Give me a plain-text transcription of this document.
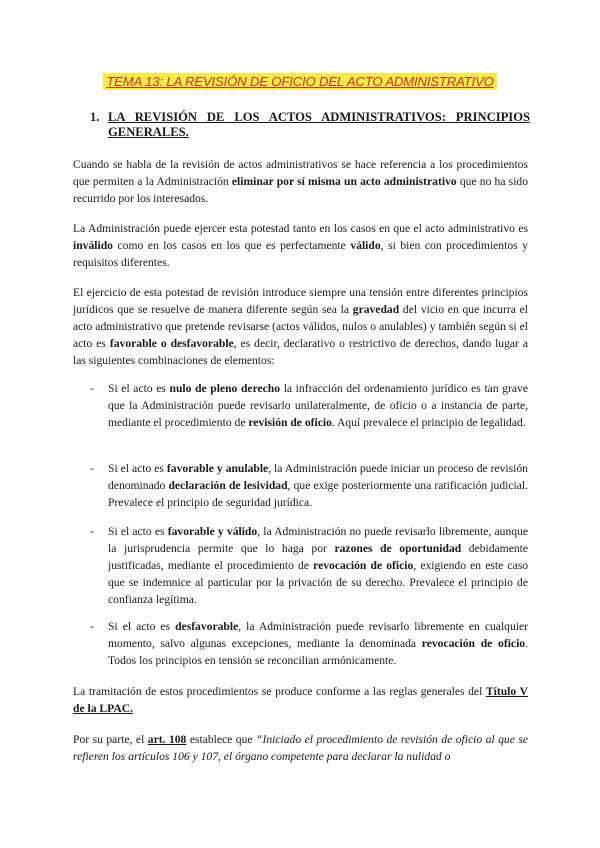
TEMA 13: LA REVISIÓN DE OFICIO DEL ACTO ADMINISTRATIVO
1. LA REVISIÓN DE LOS ACTOS ADMINISTRATIVOS: PRINCIPIOS
GENERALES.

Cuando se habla de la revisión de actos administrativos se hace referencia a los procedimientos que permiten a la Administración eliminar por sí misma un acto administrativo que no ha sido recurrido por los interesados.

La Administración puede ejercer esta potestad tanto en los casos en que el acto administrativo es inválido como en los casos en los que es perfectamente válido, si bien con procedimientos y requisitos diferentes.

El ejercicio de esta potestad de revisión introduce siempre una tensión entre diferentes principios jurídicos que se resuelve de manera diferente según sea la gravedad del vicio en que incurra el acto administrativo que pretende revisarse (actos válidos, nulos o anulables) y también según si el acto es favorable o desfavorable, es decir, declarativo o restrictivo de derechos, dando lugar a las siguientes combinaciones de elementos:

- Si el acto es nulo de pleno derecho la infracción del ordenamiento jurídico es tan grave que la Administración puede revisarlo unilateralmente, de oficio o a instancia de parte, mediante el procedimiento de revisión de oficio. Aquí prevalece el principio de legalidad.
- Si el acto es favorable y anulable, la Administración puede iniciar un proceso de revisión denominado declaración de lesividad, que exige posteriormente una ratificación judicial. Prevalece el principio de seguridad jurídica.
- Si el acto es favorable y válido, la Administración no puede revisarlo libremente, aunque la jurisprudencia permite que lo haga por razones de oportunidad debidamente justificadas, mediante el procedimiento de revocación de oficio, exigiendo en este caso que se indemnice al particular por la privación de su derecho. Prevalece el principio de confianza legítima.
- Si el acto es desfavorable, la Administración puede revisarlo libremente en cualquier momento, salvo algunas excepciones, mediante la denominada revocación de oficio. Todos los principios en tensión se reconcilian armónicamente.

La tramitación de estos procedimientos se produce conforme a las reglas generales del Título V de la LPAC.

Por su parte, el art. 108 establece que “Iniciado el procedimiento de revisión de oficio al que se refieren los artículos 106 y 107, el órgano competente para declarar la nulidad o
